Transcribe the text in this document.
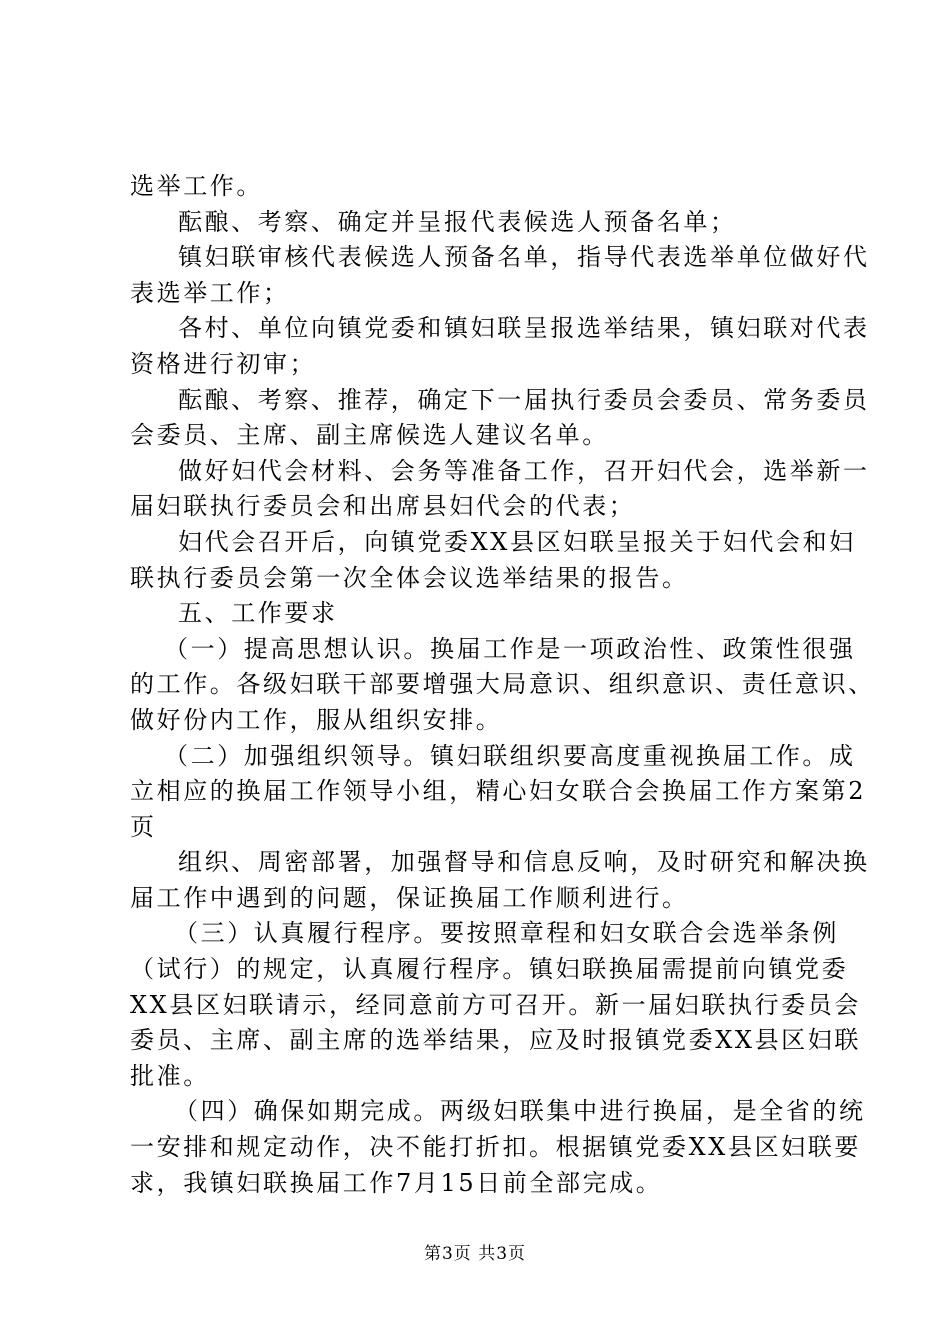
选举工作。
酝酿、考察、确定并呈报代表候选人预备名单；
镇妇联审核代表候选人预备名单，指导代表选举单位做好代
表选举工作；
各村、单位向镇党委和镇妇联呈报选举结果，镇妇联对代表
资格进行初审；
酝酿、考察、推荐，确定下一届执行委员会委员、常务委员
会委员、主席、副主席候选人建议名单。
做好妇代会材料、会务等准备工作，召开妇代会，选举新一
届妇联执行委员会和出席县妇代会的代表；
妇代会召开后，向镇党委XX县区妇联呈报关于妇代会和妇
联执行委员会第一次全体会议选举结果的报告。
五、工作要求
（一）提高思想认识。换届工作是一项政治性、政策性很强
的工作。各级妇联干部要增强大局意识、组织意识、责任意识、
做好份内工作，服从组织安排。
（二）加强组织领导。镇妇联组织要高度重视换届工作。成
立相应的换届工作领导小组，精心妇女联合会换届工作方案第2
页
组织、周密部署，加强督导和信息反响，及时研究和解决换
届工作中遇到的问题，保证换届工作顺利进行。
（三）认真履行程序。要按照章程和妇女联合会选举条例
（试行）的规定，认真履行程序。镇妇联换届需提前向镇党委
XX县区妇联请示，经同意前方可召开。新一届妇联执行委员会
委员、主席、副主席的选举结果，应及时报镇党委XX县区妇联
批准。
（四）确保如期完成。两级妇联集中进行换届，是全省的统
一安排和规定动作，决不能打折扣。根据镇党委XX县区妇联要
求，我镇妇联换届工作7月15日前全部完成。
第3页 共3页
